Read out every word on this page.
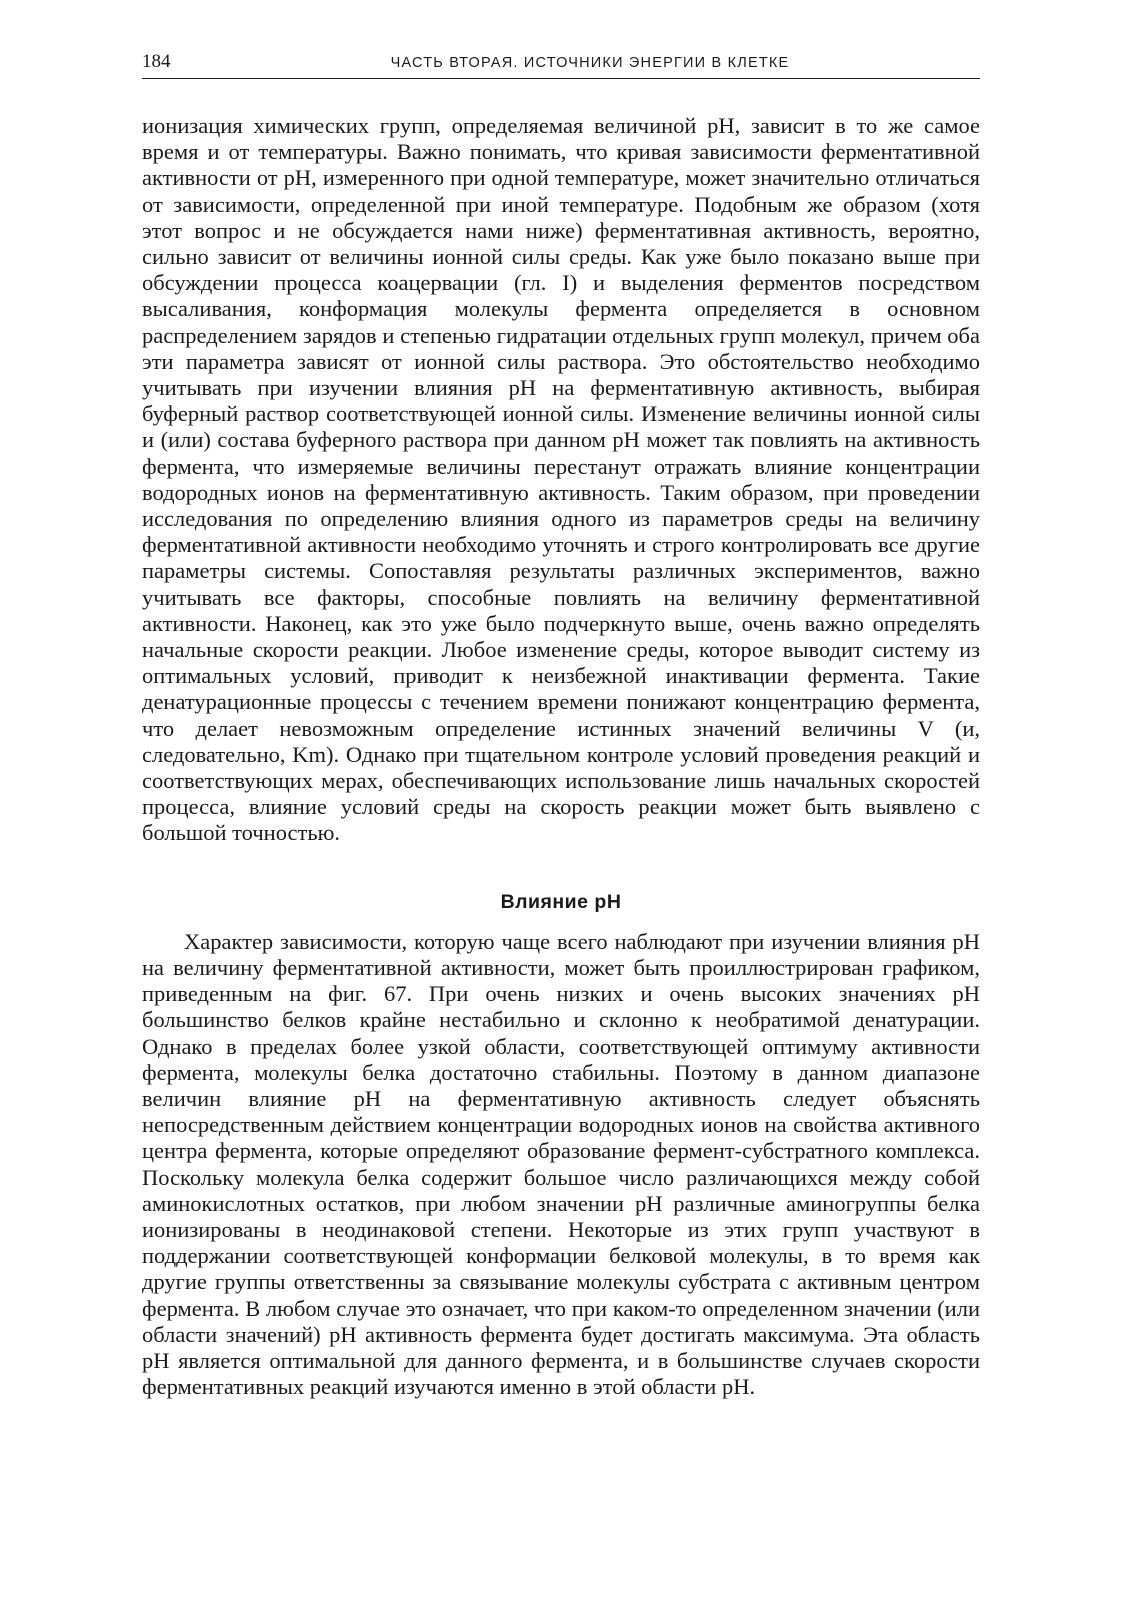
184	ЧАСТЬ ВТОРАЯ. ИСТОЧНИКИ ЭНЕРГИИ В КЛЕТКЕ

ионизация химических групп, определяемая величиной pH, зависит в то же самое время и от температуры. Важно понимать, что кривая зависимости ферментативной активности от pH, измеренного при одной температуре, может значительно отличаться от зависимости, определенной при иной температуре. Подобным же образом (хотя этот вопрос и не обсуждается нами ниже) ферментативная активность, вероятно, сильно зависит от величины ионной силы среды. Как уже было показано выше при обсуждении процесса коацервации (гл. I) и выделения ферментов посредством высаливания, конформация молекулы фермента определяется в основном распределением зарядов и степенью гидратации отдельных групп молекул, причем оба эти параметра зависят от ионной силы раствора. Это обстоятельство необходимо учитывать при изучении влияния pH на ферментативную активность, выбирая буферный раствор соответствующей ионной силы. Изменение величины ионной силы и (или) состава буферного раствора при данном pH может так повлиять на активность фермента, что измеряемые величины перестанут отражать влияние концентрации водородных ионов на ферментативную активность. Таким образом, при проведении исследования по определению влияния одного из параметров среды на величину ферментативной активности необходимо уточнять и строго контролировать все другие параметры системы. Сопоставляя результаты различных экспериментов, важно учитывать все факторы, способные повлиять на величину ферментативной активности. Наконец, как это уже было подчеркнуто выше, очень важно определять начальные скорости реакции. Любое изменение среды, которое выводит систему из оптимальных условий, приводит к неизбежной инактивации фермента. Такие денатурационные процессы с течением времени понижают концентрацию фермента, что делает невозможным определение истинных значений величины V (и, следовательно, Km). Однако при тщательном контроле условий проведения реакций и соответствующих мерах, обеспечивающих использование лишь начальных скоростей процесса, влияние условий среды на скорость реакции может быть выявлено с большой точностью.

Влияние pH

Характер зависимости, которую чаще всего наблюдают при изучении влияния pH на величину ферментативной активности, может быть проиллюстрирован графиком, приведенным на фиг. 67. При очень низких и очень высоких значениях pH большинство белков крайне нестабильно и склонно к необратимой денатурации. Однако в пределах более узкой области, соответствующей оптимуму активности фермента, молекулы белка достаточно стабильны. Поэтому в данном диапазоне величин влияние pH на ферментативную активность следует объяснять непосредственным действием концентрации водородных ионов на свойства активного центра фермента, которые определяют образование фермент-субстратного комплекса. Поскольку молекула белка содержит большое число различающихся между собой аминокислотных остатков, при любом значении pH различные аминогруппы белка ионизированы в неодинаковой степени. Некоторые из этих групп участвуют в поддержании соответствующей конформации белковой молекулы, в то время как другие группы ответственны за связывание молекулы субстрата с активным центром фермента. В любом случае это означает, что при каком-то определенном значении (или области значений) pH активность фермента будет достигать максимума. Эта область pH является оптимальной для данного фермента, и в большинстве случаев скорости ферментативных реакций изучаются именно в этой области pH.
